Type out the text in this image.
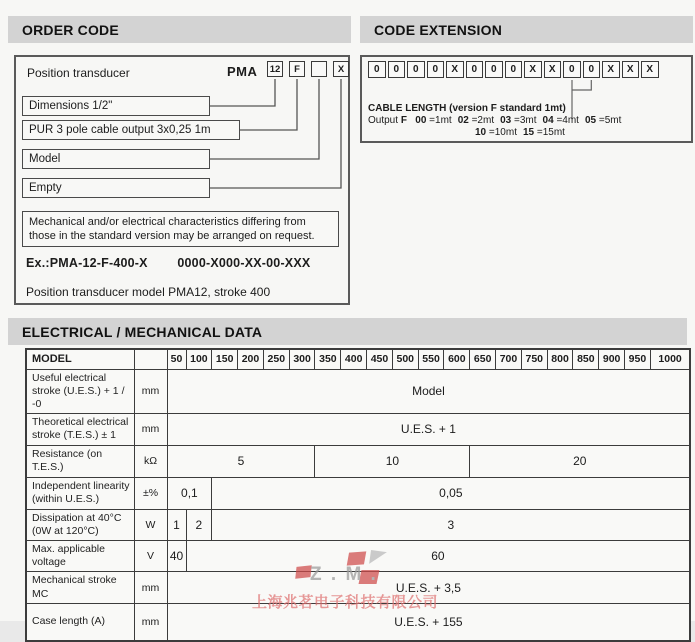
ORDER CODE
Position transducer	PMA 12	F	X
Dimensions 1/2"
PUR 3 pole cable output 3x0,25 1m
Model
Empty
Mechanical and/or electrical characteristics differing from those in the standard version may be arranged on request.
Ex.:PMA-12-F-400-X 0000-X000-XX-00-XXX
Position transducer model PMA12, stroke 400
CODE EXTENSION
0	0	0	0	X	0	0	0	X	X	0	0	X	X	X
CABLE LENGTH (version F standard 1mt)
Output F 00 =1mt 02 =2mt 03 =3mt 04 =4mt 05 =5mt
10 =10mt 15 =15mt
ELECTRICAL / MECHANICAL DATA
MODEL		50	100	150	200	250	300	350	400	450	500	550	600	650	700	750	800	850	900	950	1000
Useful electrical stroke (U.E.S.) + 1 / -0	mm	Model																			
Theoretical electrical stroke (T.E.S.) ± 1	mm	U.E.S. + 1																			
Resistance (on T.E.S.)	kΩ	5						10						20							
Independent linearity (within U.E.S.)	±%	0,1		0,05																	
Dissipation at 40°C (0W at 120°C)	W	1	2	3																	
Max. applicable voltage	V	40	60																		
Mechanical stroke MC	mm	U.E.S. + 3,5																			
Case length (A)	mm	U.E.S. + 155																			
Z . M .
上海兆茗电子科技有限公司
